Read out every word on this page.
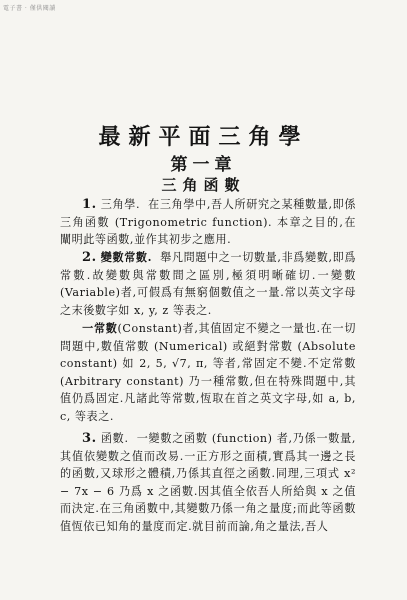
電子書 · 僅供閱讀
最新平面三角學
第一章
三角函數

1. 三角學. 在三角學中,吾人所研究之某種數量,即係三角函數 (Trigonometric function). 本章之目的,在闡明此等函數,並作其初步之應用.

2. 變數常數. 舉凡問題中之一切數量,非爲變數,即爲常數.故變數與常數間之區別,極須明晰確切.一變數 (Variable)者,可假爲有無窮個數值之一量.常以英文字母之末後數字如 x, y, z 等表之.

一常數(Constant)者,其值固定不變之一量也.在一切問題中,數值常數 (Numerical) 或絕對常數 (Absolute constant) 如 2, 5, √7, π, 等者,常固定不變.不定常數 (Arbitrary constant) 乃一種常數,但在特殊問題中,其值仍爲固定.凡諸此等常數,恆取在首之英文字母,如 a, b, c, 等表之.

3. 函數. 一變數之函數 (function) 者,乃係一數量,其值依變數之值而改易.一正方形之面積,實爲其一邊之長的函數,又球形之體積,乃係其直徑之函數.同理,三項式 x² − 7x − 6 乃爲 x 之函數.因其值全依吾人所給與 x 之值而決定.在三角函數中,其變數乃係一角之量度;而此等函數值恆依已知角的量度而定.就目前而論,角之量法,吾人
